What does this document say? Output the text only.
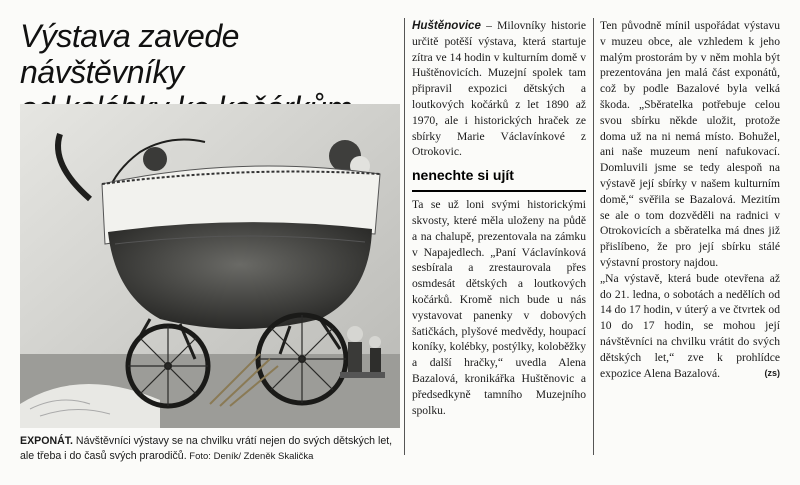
Výstava zavede návštěvníky
EXPONÁT. Návštěvníci výstavy se na chvilku vrátí nejen do svých dětských let, ale třeba i do časů svých prarodičů. Foto: Deník/ Zdeněk Skalička

Huštěnovice – Milovníky historie určitě potěší výstava, která startuje zítra ve 14 hodin v kulturním domě v Huštěnovicích. Muzejní spolek tam připravil expozici dětských a loutkových kočárků z let 1890 až 1970, ale i historických hraček ze sbírky Marie Václavínkové z Otrokovic.

nenechte si ujít

Ta se už loni svými historickými skvosty, které měla uloženy na půdě a na chalupě, prezentovala na zámku v Napajedlech. „Paní Václavínková sesbírala a zrestaurovala přes osmdesát dětských a loutkových kočárků. Kromě nich bude u nás vystavovat panenky v dobových šatičkách, plyšové medvědy, houpací koníky, kolébky, postýlky, koloběžky a další hračky,“ uvedla Alena Bazalová, kronikářka Huštěnovic a předsedkyně tamního Muzejního spolku.

Ten původně mínil uspořádat výstavu v muzeu obce, ale vzhledem k jeho malým prostorám by v něm mohla být prezentována jen malá část exponátů, což by podle Bazalové byla velká škoda. „Sběratelka potřebuje celou svou sbírku někde uložit, protože doma už na ni nemá místo. Bohužel, ani naše muzeum není nafukovací. Domluvili jsme se tedy alespoň na výstavě její sbírky v našem kulturním domě,“ svěřila se Bazalová. Mezitím se ale o tom dozvěděli na radnici v Otrokovicích a sběratelka má dnes již přislíbeno, že pro její sbírku stálé výstavní prostory najdou.

„Na výstavě, která bude otevřena až do 21. ledna, o sobotách a nedělích od 14 do 17 hodin, v úterý a ve čtvrtek od 10 do 17 hodin, se mohou její návštěvníci na chvilku vrátit do svých dětských let,“ zve k prohlídce expozice Alena Bazalová.	(zs)
